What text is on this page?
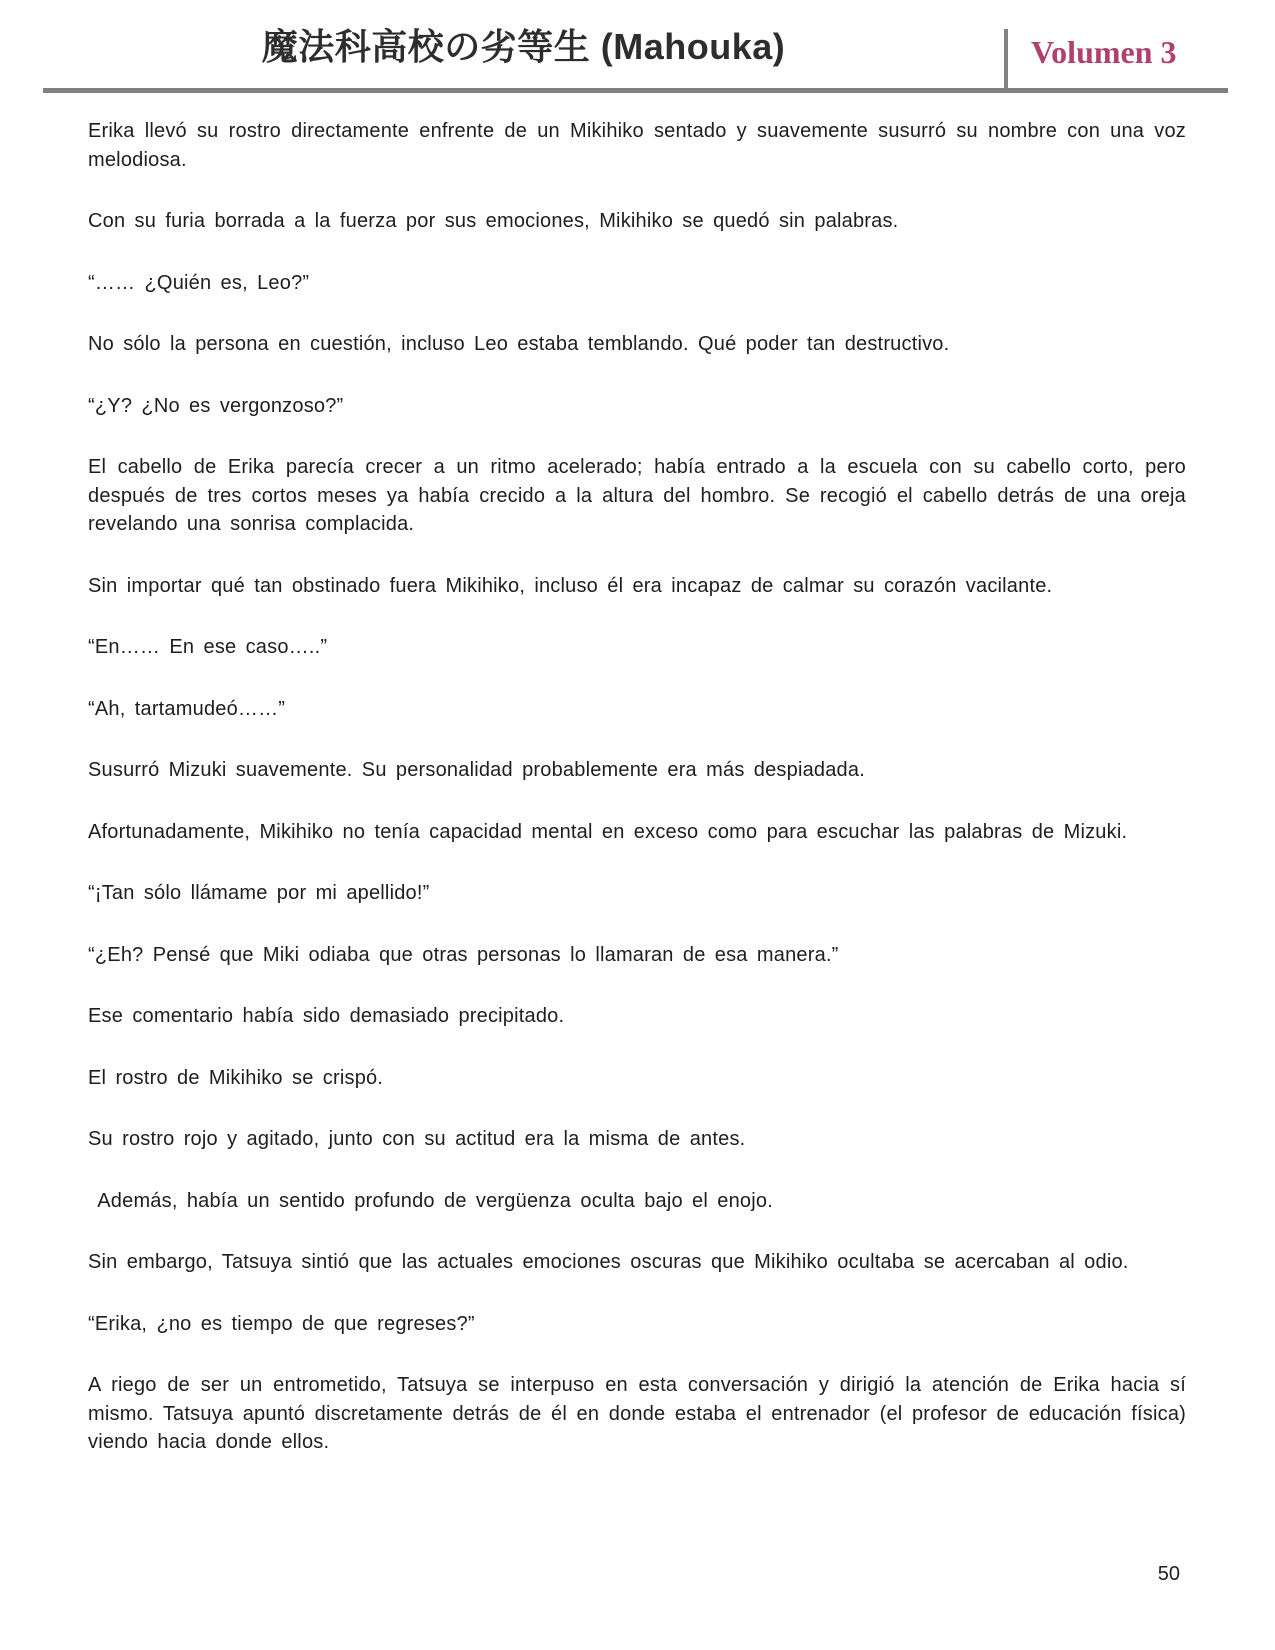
魔法科高校の劣等生 (Mahouka)	Volumen 3

Erika llevó su rostro directamente enfrente de un Mikihiko sentado y suavemente susurró su nombre con una voz melodiosa.

Con su furia borrada a la fuerza por sus emociones, Mikihiko se quedó sin palabras.

“…… ¿Quién es, Leo?”

No sólo la persona en cuestión, incluso Leo estaba temblando. Qué poder tan destructivo.

“¿Y? ¿No es vergonzoso?”

El cabello de Erika parecía crecer a un ritmo acelerado; había entrado a la escuela con su cabello corto, pero después de tres cortos meses ya había crecido a la altura del hombro. Se recogió el cabello detrás de una oreja revelando una sonrisa complacida.

Sin importar qué tan obstinado fuera Mikihiko, incluso él era incapaz de calmar su corazón vacilante.

“En…… En ese caso…..”

“Ah, tartamudeó……”

Susurró Mizuki suavemente. Su personalidad probablemente era más despiadada.

Afortunadamente, Mikihiko no tenía capacidad mental en exceso como para escuchar las palabras de Mizuki.

“¡Tan sólo llámame por mi apellido!”

“¿Eh? Pensé que Miki odiaba que otras personas lo llamaran de esa manera.”

Ese comentario había sido demasiado precipitado.

El rostro de Mikihiko se crispó.

Su rostro rojo y agitado, junto con su actitud era la misma de antes.

Además, había un sentido profundo de vergüenza oculta bajo el enojo.

Sin embargo, Tatsuya sintió que las actuales emociones oscuras que Mikihiko ocultaba se acercaban al odio.

“Erika, ¿no es tiempo de que regreses?”

A riego de ser un entrometido, Tatsuya se interpuso en esta conversación y dirigió la atención de Erika hacia sí mismo. Tatsuya apuntó discretamente detrás de él en donde estaba el entrenador (el profesor de educación física) viendo hacia donde ellos.

50
